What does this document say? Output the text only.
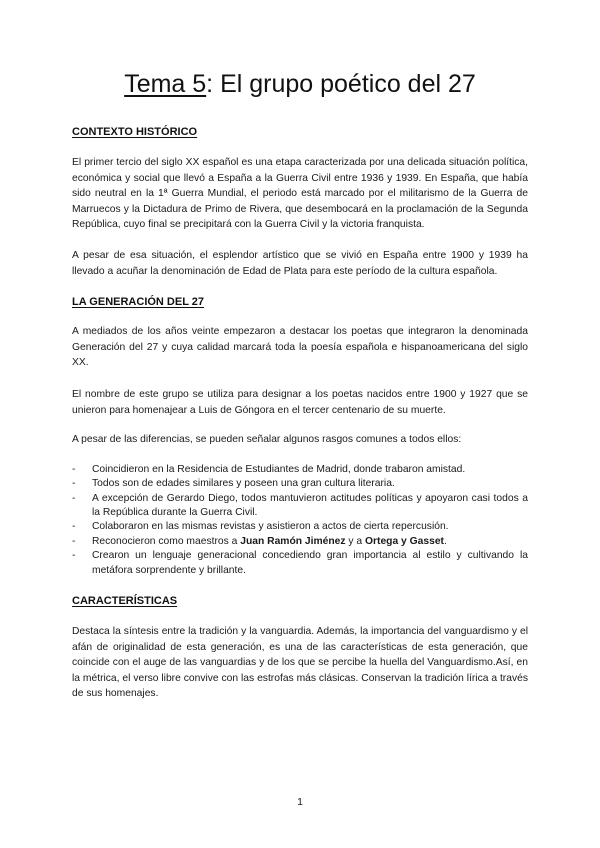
Tema 5: El grupo poético del 27
CONTEXTO HISTÓRICO

El primer tercio del siglo XX español es una etapa caracterizada por una delicada situación política, económica y social que llevó a España a la Guerra Civil entre 1936 y 1939. En España, que había sido neutral en la 1ª Guerra Mundial, el periodo está marcado por el militarismo de la Guerra de Marruecos y la Dictadura de Primo de Rivera, que desembocará en la proclamación de la Segunda República, cuyo final se precipitará con la Guerra Civil y la victoria franquista.

A pesar de esa situación, el esplendor artístico que se vivió en España entre 1900 y 1939 ha llevado a acuñar la denominación de Edad de Plata para este período de la cultura española.

LA GENERACIÓN DEL 27

A mediados de los años veinte empezaron a destacar los poetas que integraron la denominada Generación del 27 y cuya calidad marcará toda la poesía española e hispanoamericana del siglo XX.

El nombre de este grupo se utiliza para designar a los poetas nacidos entre 1900 y 1927 que se unieron para homenajear a Luis de Góngora en el tercer centenario de su muerte.

A pesar de las diferencias, se pueden señalar algunos rasgos comunes a todos ellos:

- Coincidieron en la Residencia de Estudiantes de Madrid, donde trabaron amistad.
- Todos son de edades similares y poseen una gran cultura literaria.
- A excepción de Gerardo Diego, todos mantuvieron actitudes políticas y apoyaron casi todos a la República durante la Guerra Civil.
- Colaboraron en las mismas revistas y asistieron a actos de cierta repercusión.
- Reconocieron como maestros a Juan Ramón Jiménez y a Ortega y Gasset.
- Crearon un lenguaje generacional concediendo gran importancia al estilo y cultivando la metáfora sorprendente y brillante.
CARACTERÍSTICAS

Destaca la síntesis entre la tradición y la vanguardia. Además, la importancia del vanguardismo y el afán de originalidad de esta generación, es una de las características de esta generación, que coincide con el auge de las vanguardias y de los que se percibe la huella del Vanguardismo.Así, en la métrica, el verso libre convive con las estrofas más clásicas. Conservan la tradición lírica a través de sus homenajes.

1
